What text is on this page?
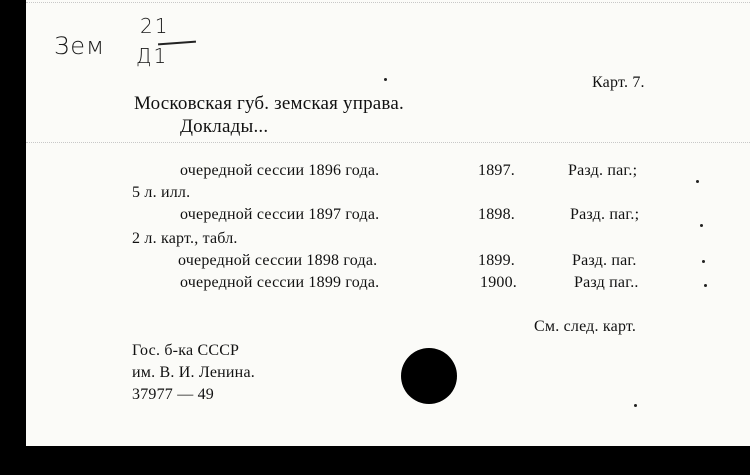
Зем
21
Д1
Карт. 7.
Московская губ. земская управа.
Доклады...
очередной сессии 1896 года.	1897.	Разд. паг.;
5 л. илл.
очередной сессии 1897 года.	1898.	Разд. паг.;
2 л. карт., табл.
очередной сессии 1898 года.	1899.	Разд. паг.
очередной сессии 1899 года.	1900.	Разд паг..
См. след. карт.
Гос. б-ка СССР
им. В. И. Ленина.
37977 — 49
